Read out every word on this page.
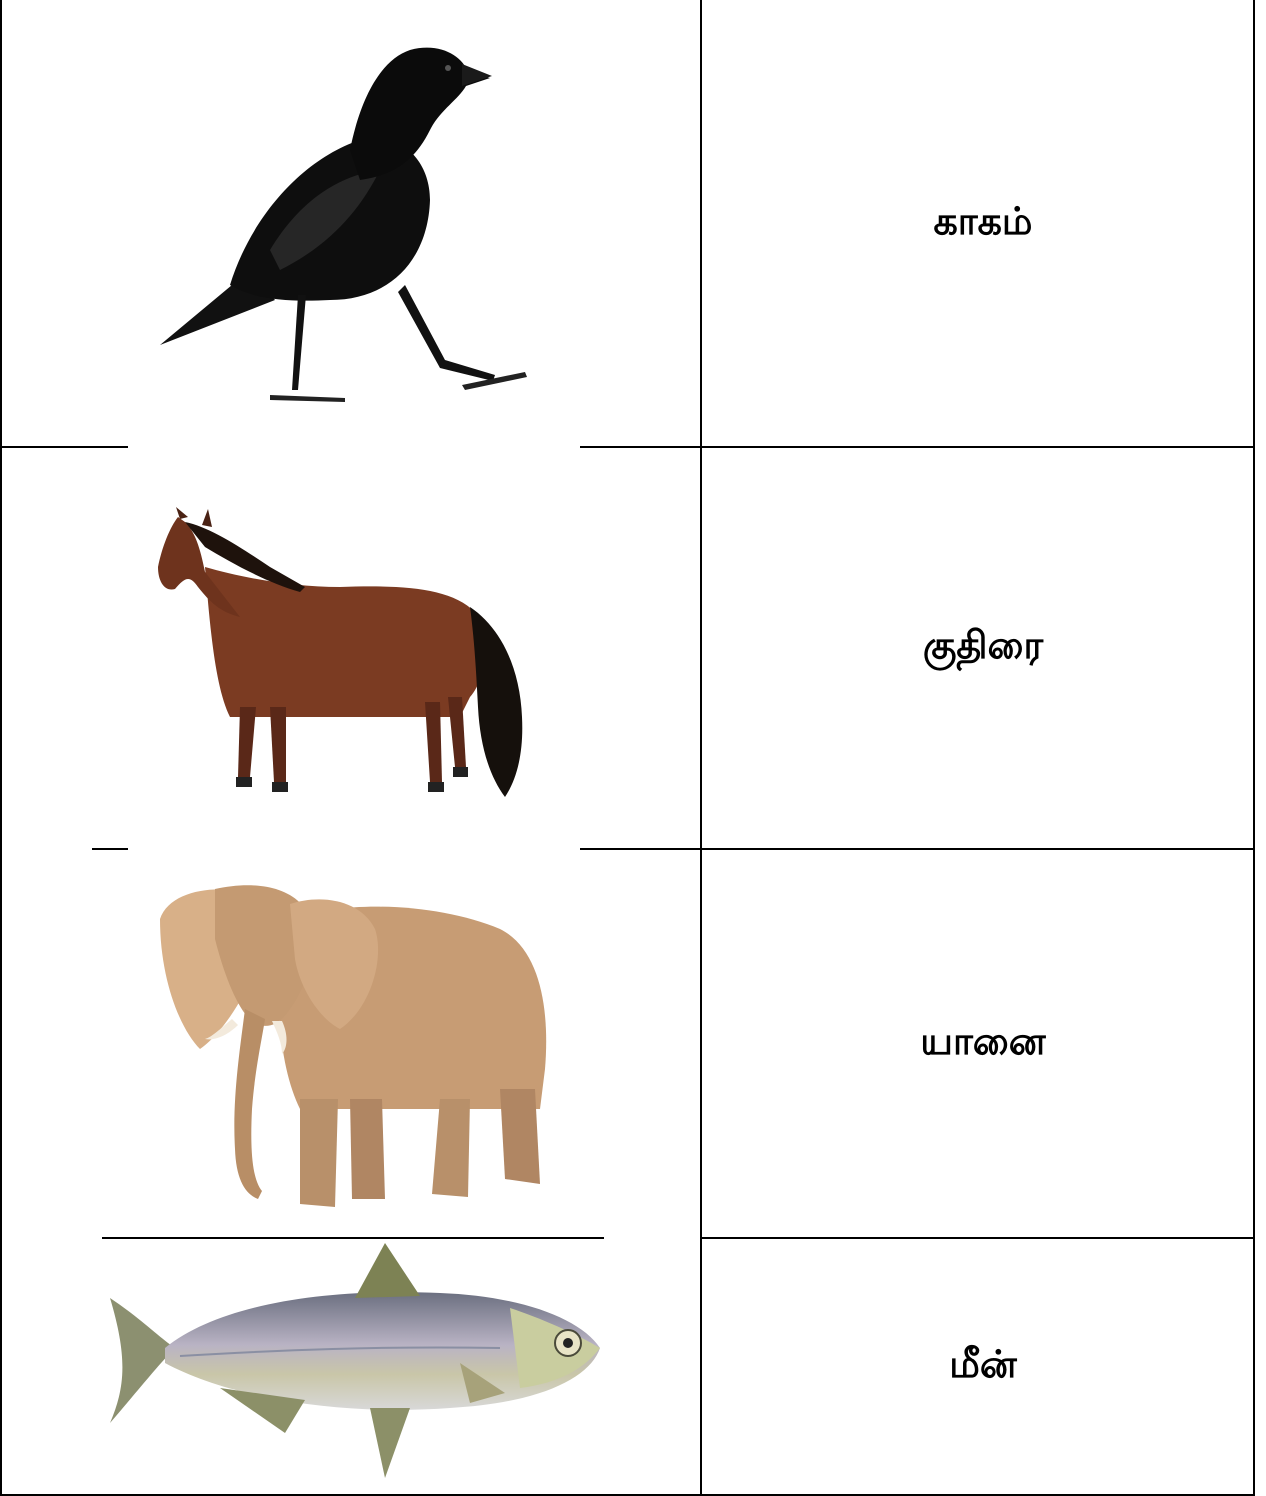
காகம்
குதிரை
யானை
மீன்
